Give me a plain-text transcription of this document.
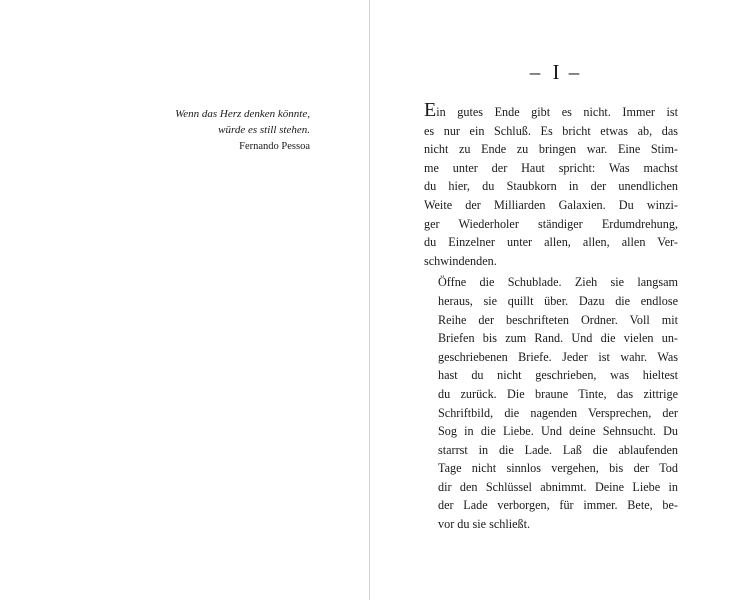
Wenn das Herz denken könnte,
würde es still stehen.
Fernando Pessoa
– I –
Ein gutes Ende gibt es nicht. Immer ist
es nur ein Schluß. Es bricht etwas ab, das
nicht zu Ende zu bringen war. Eine Stim-
me unter der Haut spricht: Was machst
du hier, du Staubkorn in der unendlichen
Weite der Milliarden Galaxien. Du winzi-
ger Wiederholer ständiger Erdumdrehung,
du Einzelner unter allen, allen, allen Ver-
schwindenden.
Öffne die Schublade. Zieh sie langsam
heraus, sie quillt über. Dazu die endlose
Reihe der beschrifteten Ordner. Voll mit
Briefen bis zum Rand. Und die vielen un-
geschriebenen Briefe. Jeder ist wahr. Was
hast du nicht geschrieben, was hieltest
du zurück. Die braune Tinte, das zittrige
Schriftbild, die nagenden Versprechen, der
Sog in die Liebe. Und deine Sehnsucht. Du
starrst in die Lade. Laß die ablaufenden
Tage nicht sinnlos vergehen, bis der Tod
dir den Schlüssel abnimmt. Deine Liebe in
der Lade verborgen, für immer. Bete, be-
vor du sie schließt.
